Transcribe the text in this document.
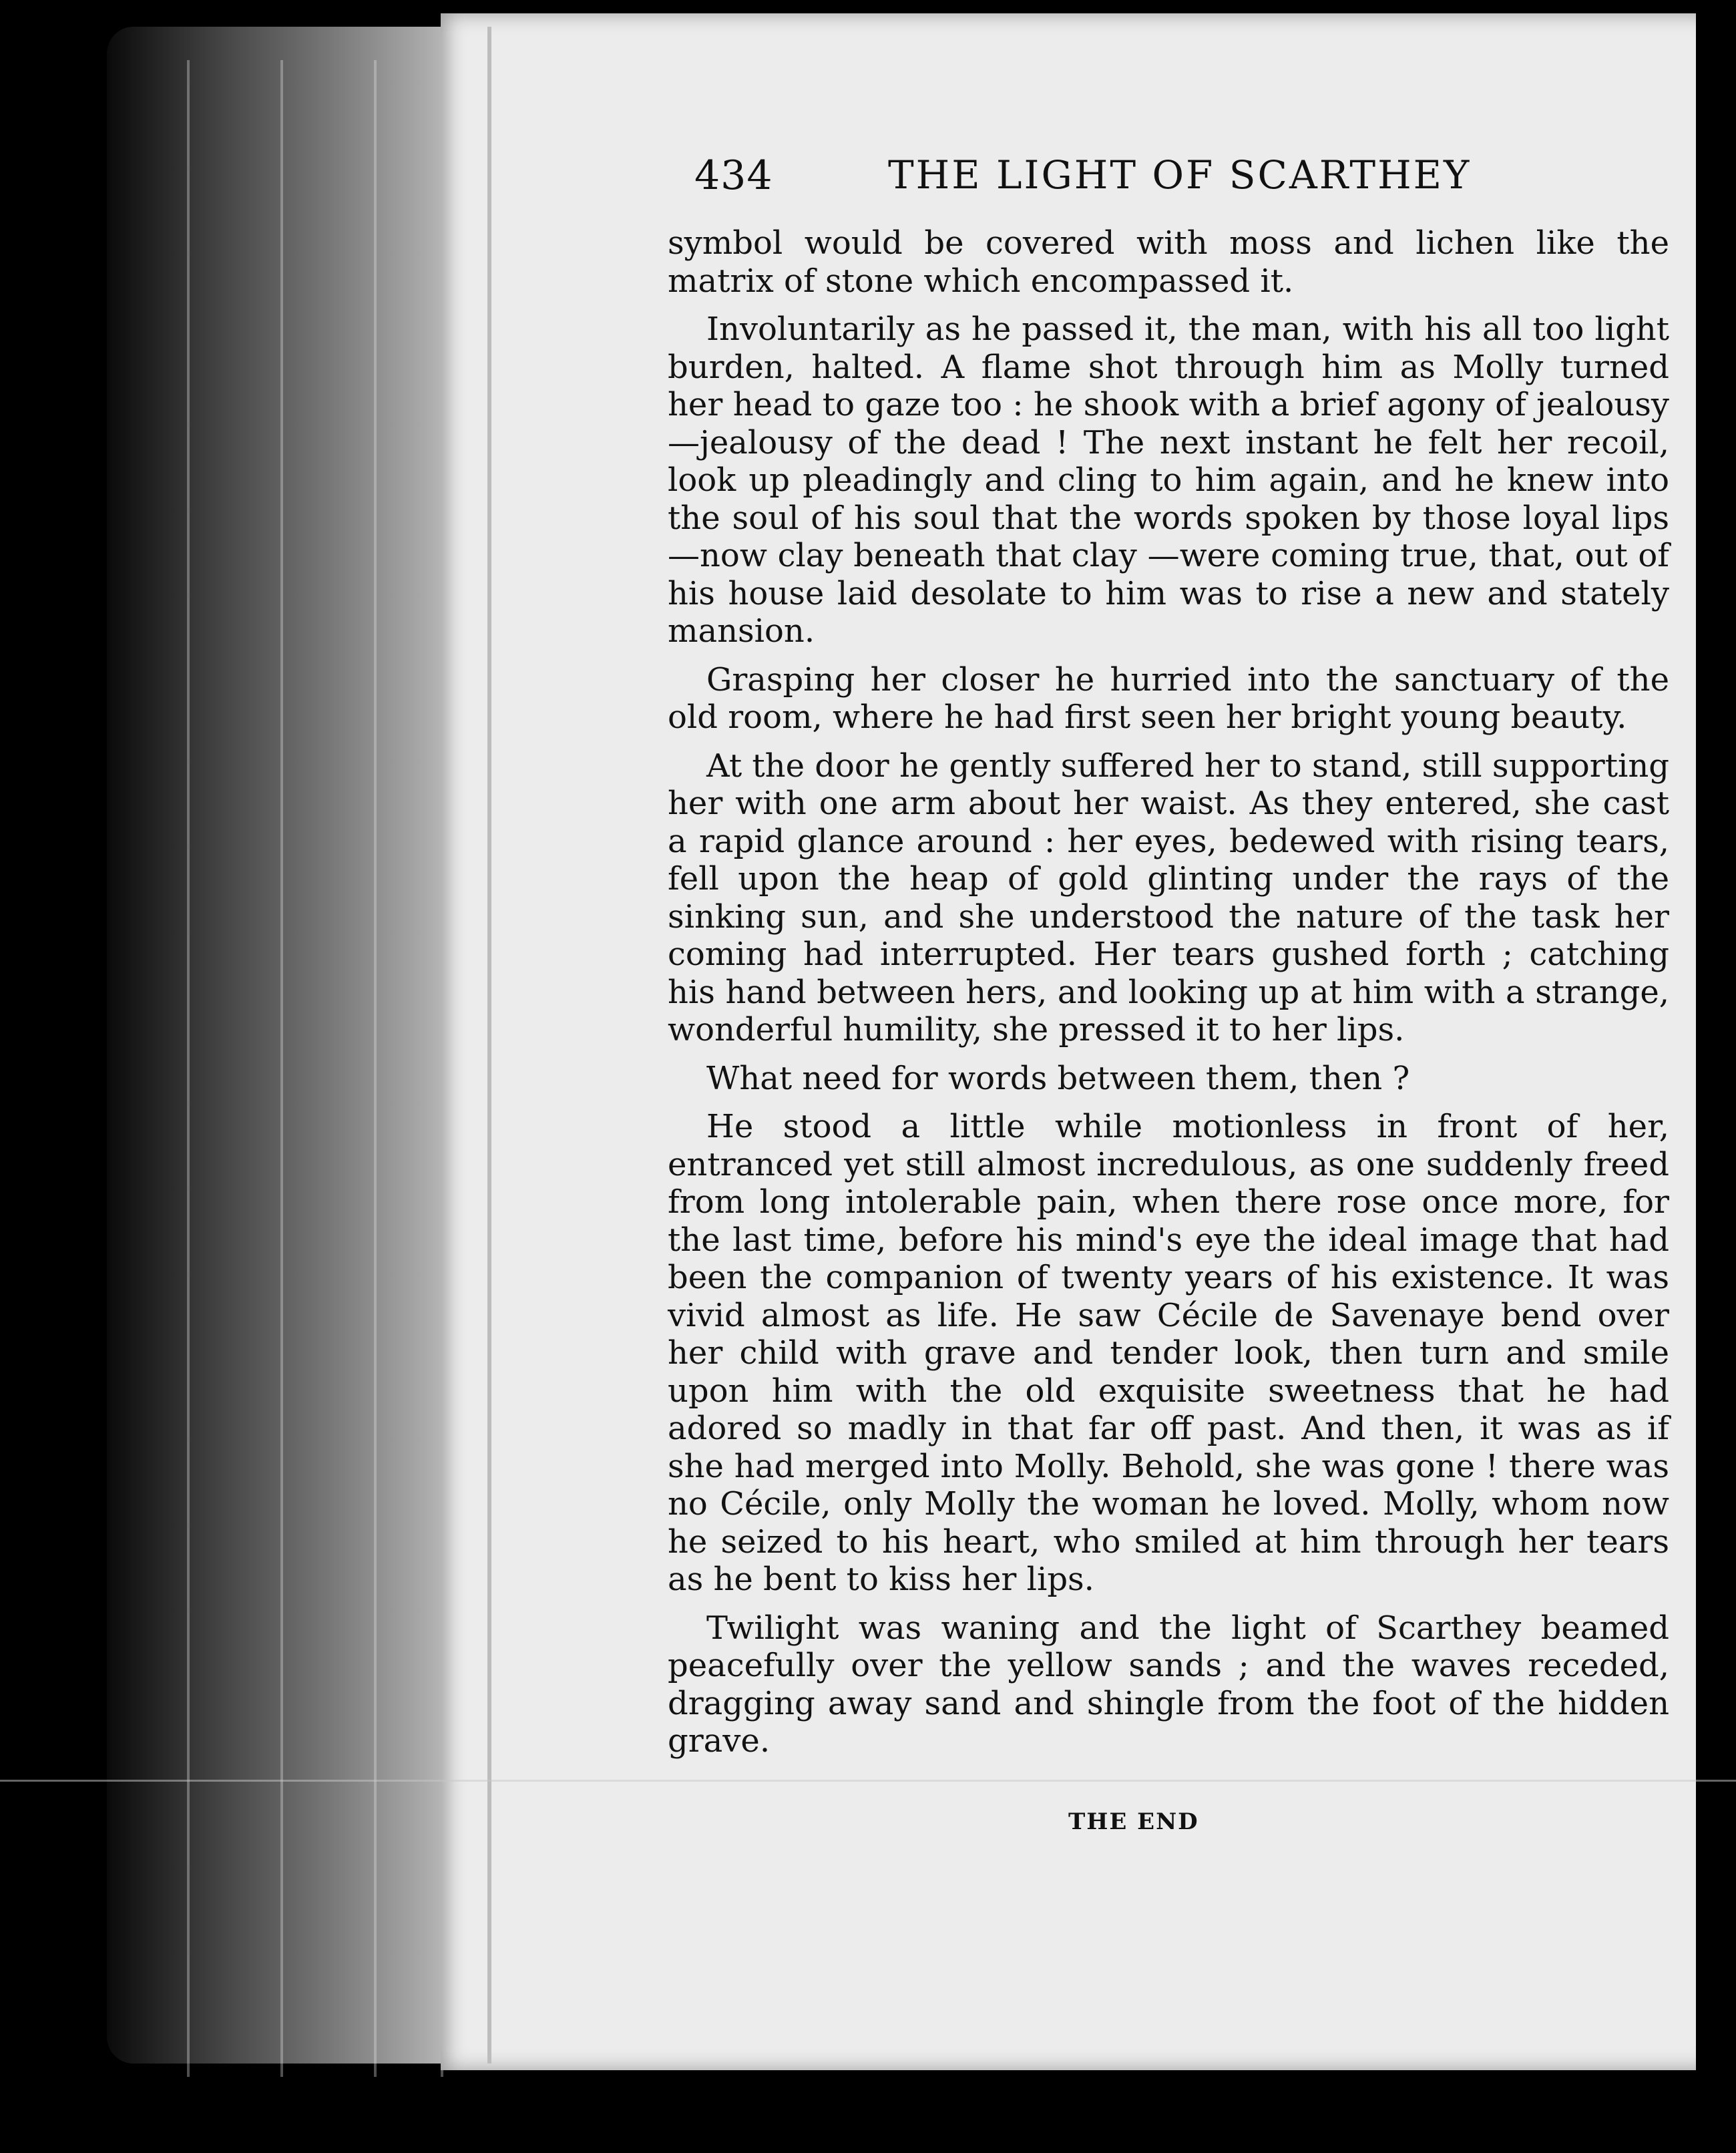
434	THE LIGHT OF SCARTHEY

symbol would be covered with moss and lichen like the matrix of stone which encompassed it.

Involuntarily as he passed it, the man, with his all too light burden, halted. A flame shot through him as Molly turned her head to gaze too : he shook with a brief agony of jealousy—jealousy of the dead ! The next instant he felt her recoil, look up pleadingly and cling to him again, and he knew into the soul of his soul that the words spoken by those loyal lips—now clay beneath that clay —were coming true, that, out of his house laid desolate to him was to rise a new and stately mansion.

Grasping her closer he hurried into the sanctuary of the old room, where he had first seen her bright young beauty.

At the door he gently suffered her to stand, still supporting her with one arm about her waist. As they entered, she cast a rapid glance around : her eyes, bedewed with rising tears, fell upon the heap of gold glinting under the rays of the sinking sun, and she understood the nature of the task her coming had interrupted. Her tears gushed forth ; catching his hand between hers, and looking up at him with a strange, wonderful humility, she pressed it to her lips.

What need for words between them, then ?

He stood a little while motionless in front of her, entranced yet still almost incredulous, as one suddenly freed from long intolerable pain, when there rose once more, for the last time, before his mind's eye the ideal image that had been the companion of twenty years of his existence. It was vivid almost as life. He saw Cécile de Savenaye bend over her child with grave and tender look, then turn and smile upon him with the old exquisite sweetness that he had adored so madly in that far off past. And then, it was as if she had merged into Molly. Behold, she was gone ! there was no Cécile, only Molly the woman he loved. Molly, whom now he seized to his heart, who smiled at him through her tears as he bent to kiss her lips.

Twilight was waning and the light of Scarthey beamed peacefully over the yellow sands ; and the waves receded, dragging away sand and shingle from the foot of the hidden grave.

THE END
